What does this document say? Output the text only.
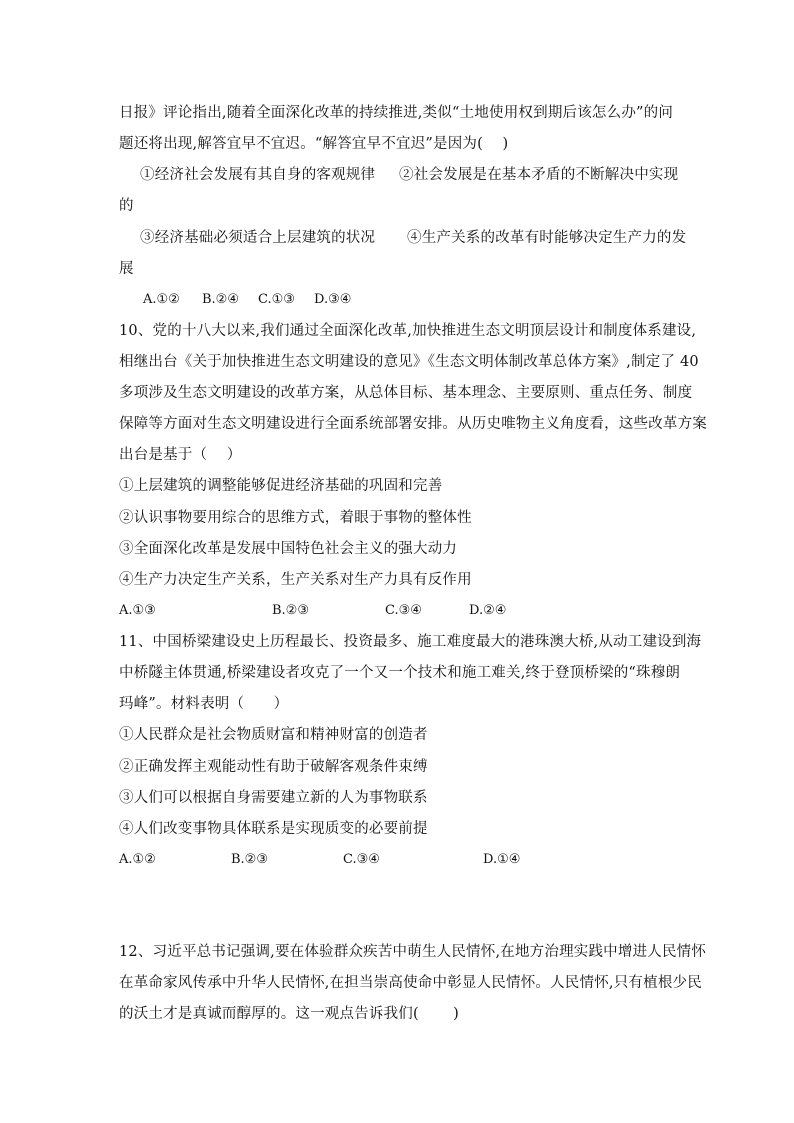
日报》评论指出,随着全面深化改革的持续推进,类似“土地使用权到期后该怎么办”的问
题还将出现,解答宜早不宜迟。“解答宜早不宜迟”是因为(　 )
①经济社会发展有其自身的客观规律 ②社会发展是在基本矛盾的不断解决中实现
的
③经济基础必须适合上层建筑的状况 ④生产关系的改革有时能够决定生产力的发
展
A.①② B.②④ C.①③ D.③④
10、党的十八大以来,我们通过全面深化改革,加快推进生态文明顶层设计和制度体系建设,
相继出台《关于加快推进生态文明建设的意见》《生态文明体制改革总体方案》,制定了 40
多项涉及生态文明建设的改革方案，从总体目标、基本理念、主要原则、重点任务、制度
保障等方面对生态文明建设进行全面系统部署安排。从历史唯物主义角度看，这些改革方案
出台是基于（　 ）
①上层建筑的调整能够促进经济基础的巩固和完善
②认识事物要用综合的思维方式，着眼于事物的整体性
③全面深化改革是发展中国特色社会主义的强大动力
④生产力决定生产关系，生产关系对生产力具有反作用
A.①③	B.②③	C.③④	D.②④
11、中国桥梁建设史上历程最长、投资最多、施工难度最大的港珠澳大桥,从动工建设到海
中桥隧主体贯通,桥梁建设者攻克了一个又一个技术和施工难关,终于登顶桥梁的“珠穆朗
玛峰”。材料表明（　　）
①人民群众是社会物质财富和精神财富的创造者
②正确发挥主观能动性有助于破解客观条件束缚
③人们可以根据自身需要建立新的人为事物联系
④人们改变事物具体联系是实现质变的必要前提
A.①②	B.②③	C.③④	D.①④
12、习近平总书记强调,要在体验群众疾苦中萌生人民情怀,在地方治理实践中增进人民情怀
在革命家风传承中升华人民情怀,在担当崇高使命中彰显人民情怀。人民情怀,只有植根少民
的沃土才是真诚而醇厚的。这一观点告诉我们(　　 )
